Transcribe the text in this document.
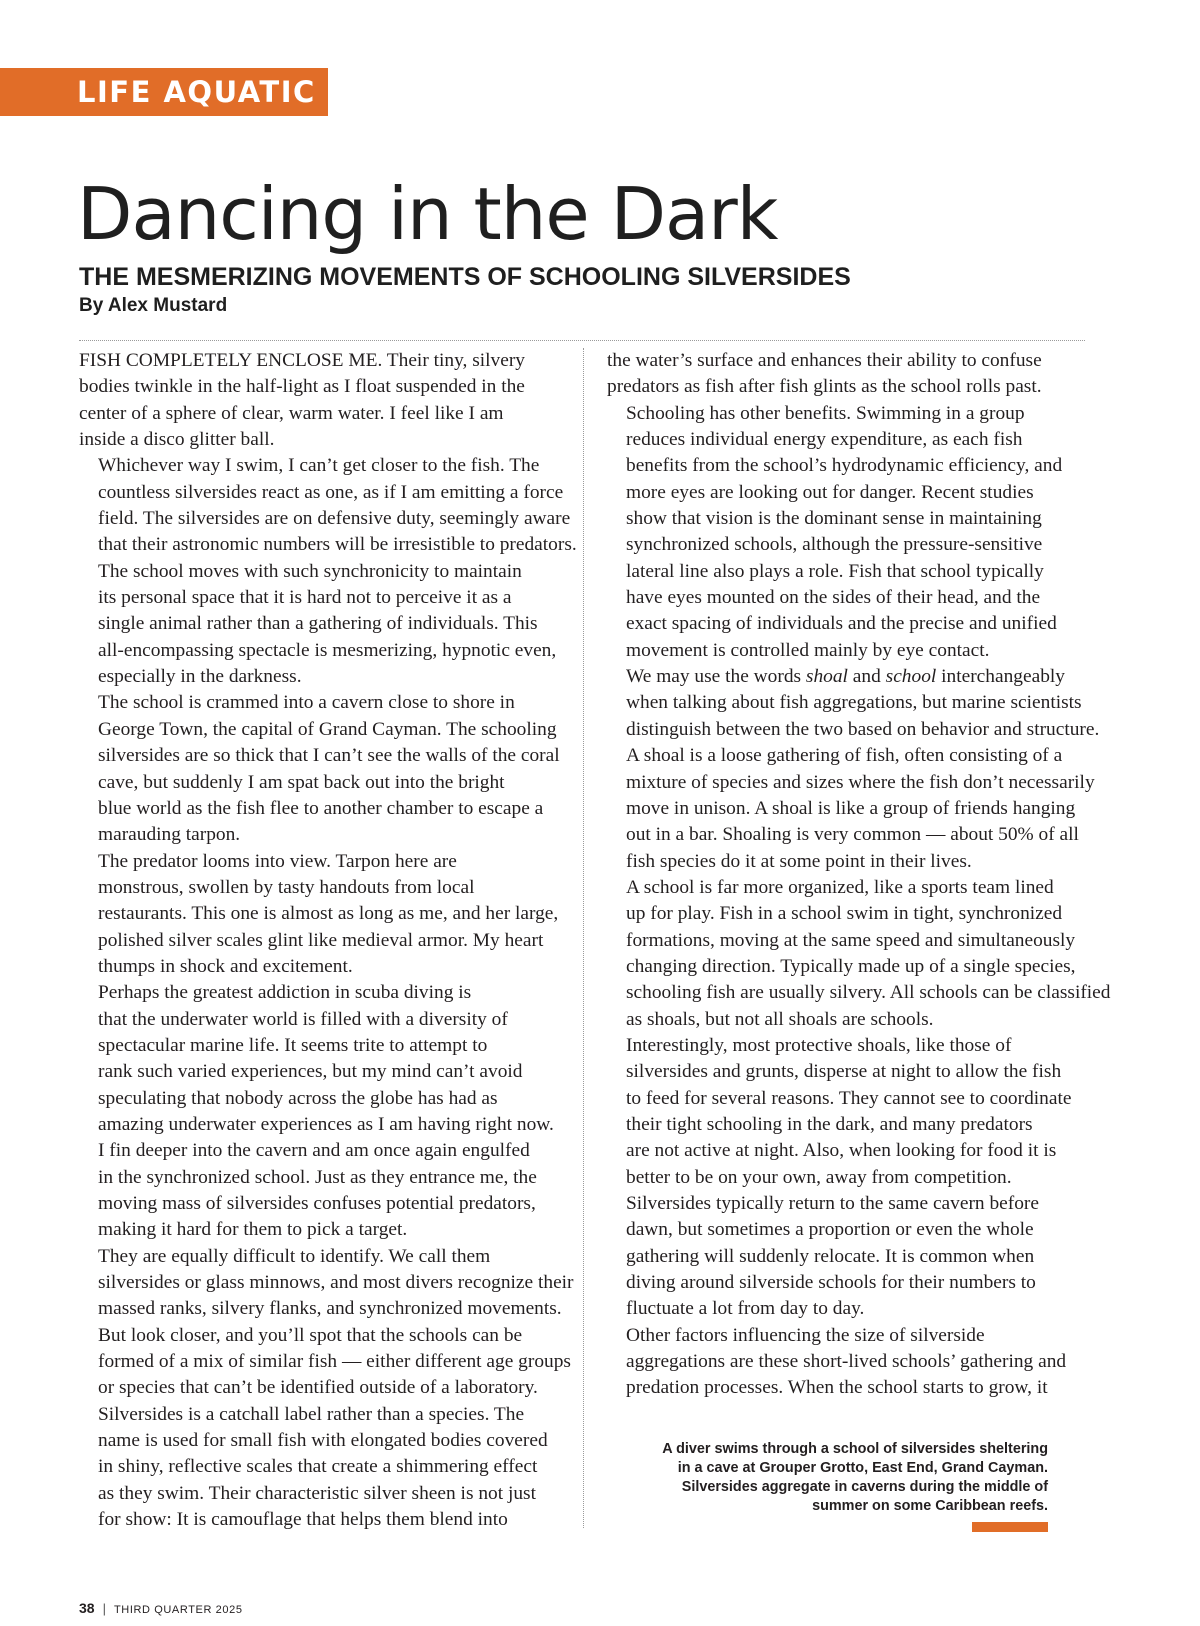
LIFE AQUATIC
Dancing in the Dark
THE MESMERIZING MOVEMENTS OF SCHOOLING SILVERSIDES
By Alex Mustard

FISH COMPLETELY ENCLOSE ME. Their tiny, silvery
bodies twinkle in the half-light as I float suspended in the
center of a sphere of clear, warm water. I feel like I am
inside a disco glitter ball.

Whichever way I swim, I can’t get closer to the fish. The
countless silversides react as one, as if I am emitting a force
field. The silversides are on defensive duty, seemingly aware
that their astronomic numbers will be irresistible to predators.

The school moves with such synchronicity to maintain
its personal space that it is hard not to perceive it as a
single animal rather than a gathering of individuals. This
all-encompassing spectacle is mesmerizing, hypnotic even,
especially in the darkness.

The school is crammed into a cavern close to shore in
George Town, the capital of Grand Cayman. The schooling
silversides are so thick that I can’t see the walls of the coral
cave, but suddenly I am spat back out into the bright
blue world as the fish flee to another chamber to escape a
marauding tarpon.

The predator looms into view. Tarpon here are
monstrous, swollen by tasty handouts from local
restaurants. This one is almost as long as me, and her large,
polished silver scales glint like medieval armor. My heart
thumps in shock and excitement.

Perhaps the greatest addiction in scuba diving is
that the underwater world is filled with a diversity of
spectacular marine life. It seems trite to attempt to
rank such varied experiences, but my mind can’t avoid
speculating that nobody across the globe has had as
amazing underwater experiences as I am having right now.

I fin deeper into the cavern and am once again engulfed
in the synchronized school. Just as they entrance me, the
moving mass of silversides confuses potential predators,
making it hard for them to pick a target.

They are equally difficult to identify. We call them
silversides or glass minnows, and most divers recognize their
massed ranks, silvery flanks, and synchronized movements.
But look closer, and you’ll spot that the schools can be
formed of a mix of similar fish — either different age groups
or species that can’t be identified outside of a laboratory.

Silversides is a catchall label rather than a species. The
name is used for small fish with elongated bodies covered
in shiny, reflective scales that create a shimmering effect
as they swim. Their characteristic silver sheen is not just
for show: It is camouflage that helps them blend into

the water’s surface and enhances their ability to confuse
predators as fish after fish glints as the school rolls past.

Schooling has other benefits. Swimming in a group
reduces individual energy expenditure, as each fish
benefits from the school’s hydrodynamic efficiency, and
more eyes are looking out for danger. Recent studies
show that vision is the dominant sense in maintaining
synchronized schools, although the pressure-sensitive
lateral line also plays a role. Fish that school typically
have eyes mounted on the sides of their head, and the
exact spacing of individuals and the precise and unified
movement is controlled mainly by eye contact.

We may use the words shoal and school interchangeably
when talking about fish aggregations, but marine scientists
distinguish between the two based on behavior and structure.
A shoal is a loose gathering of fish, often consisting of a
mixture of species and sizes where the fish don’t necessarily
move in unison. A shoal is like a group of friends hanging
out in a bar. Shoaling is very common — about 50% of all
fish species do it at some point in their lives.

A school is far more organized, like a sports team lined
up for play. Fish in a school swim in tight, synchronized
formations, moving at the same speed and simultaneously
changing direction. Typically made up of a single species,
schooling fish are usually silvery. All schools can be classified
as shoals, but not all shoals are schools.

Interestingly, most protective shoals, like those of
silversides and grunts, disperse at night to allow the fish
to feed for several reasons. They cannot see to coordinate
their tight schooling in the dark, and many predators
are not active at night. Also, when looking for food it is
better to be on your own, away from competition.

Silversides typically return to the same cavern before
dawn, but sometimes a proportion or even the whole
gathering will suddenly relocate. It is common when
diving around silverside schools for their numbers to
fluctuate a lot from day to day.

Other factors influencing the size of silverside
aggregations are these short-lived schools’ gathering and
predation processes. When the school starts to grow, it

A diver swims through a school of silversides sheltering
in a cave at Grouper Grotto, East End, Grand Cayman.
Silversides aggregate in caverns during the middle of
summer on some Caribbean reefs.
38 | THIRD QUARTER 2025
